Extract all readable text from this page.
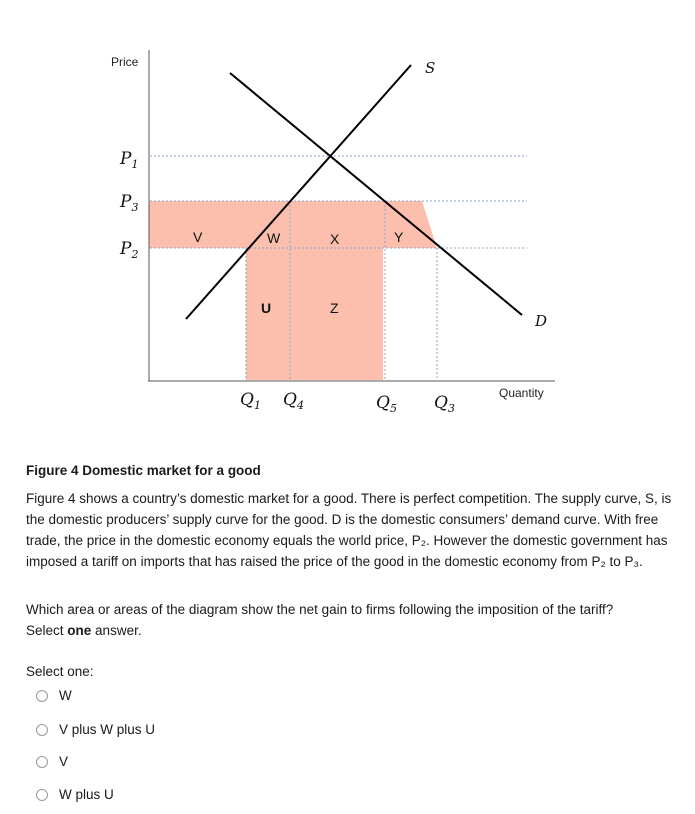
Price
Quantity
$P_1$
$P_3$
$P_2$
$Q_1$ $Q_4$	$Q_5$ $Q_3$
S
D
V	W	X	Y
U	Z
Figure 4 Domestic market for a good
Figure 4 shows a country’s domestic market for a good. There is perfect competition. The supply curve, S, is the domestic producers’ supply curve for the good. D is the domestic consumers’ demand curve. With free trade, the price in the domestic economy equals the world price, P₂. However the domestic government has imposed a tariff on imports that has raised the price of the good in the domestic economy from P₂ to P₃.
Which area or areas of the diagram show the net gain to firms following the imposition of the tariff?
Select one answer.
Select one:
W
V plus W plus U
V
W plus U
